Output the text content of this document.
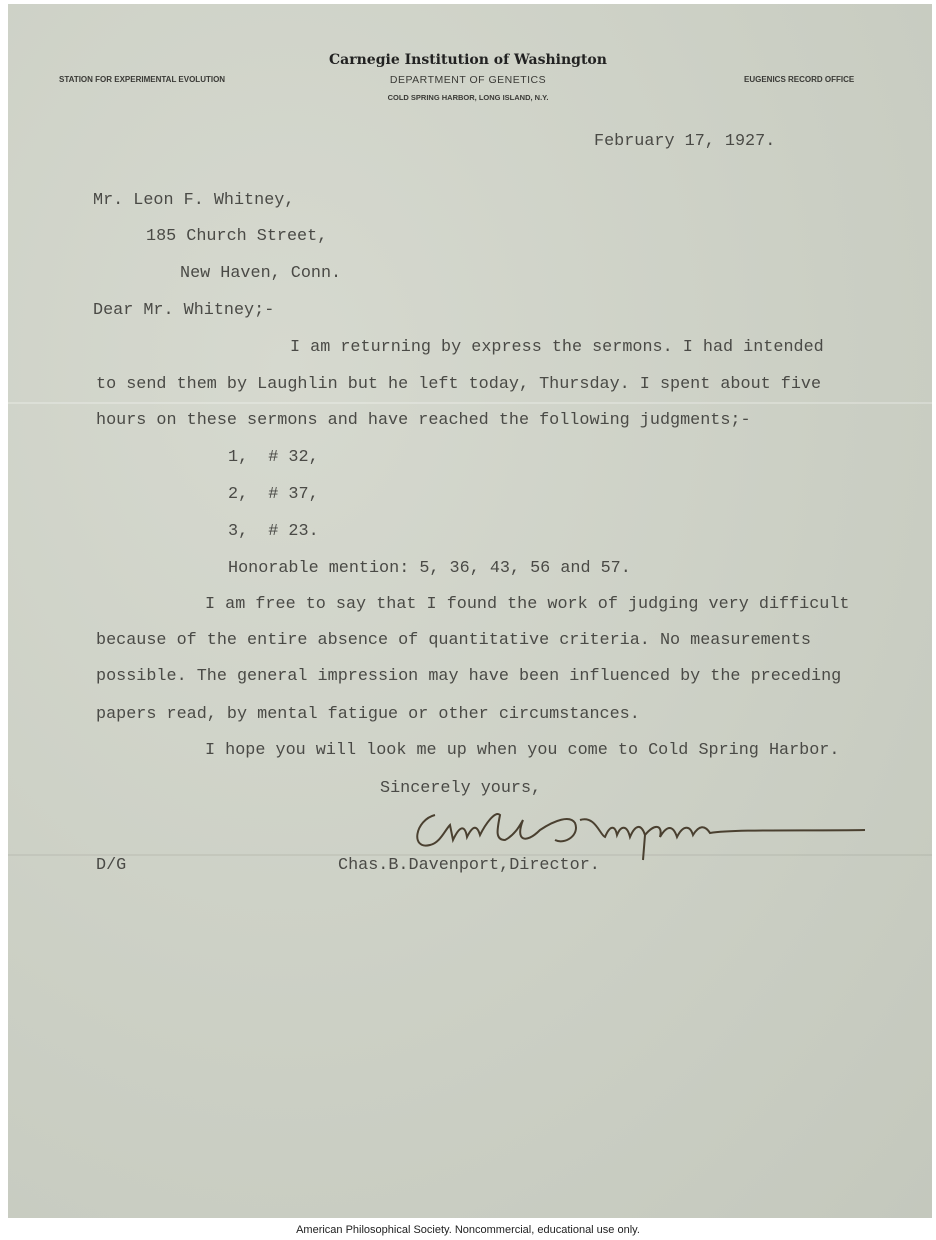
Carnegie Institution of Washington
DEPARTMENT OF GENETICS
COLD SPRING HARBOR, LONG ISLAND, N.Y.
STATION FOR EXPERIMENTAL EVOLUTION	EUGENICS RECORD OFFICE
February 17, 1927.
Mr. Leon F. Whitney,
185 Church Street,
New Haven, Conn.
Dear Mr. Whitney;-
I am returning by express the sermons. I had intended
to send them by Laughlin but he left today, Thursday. I spent about five
hours on these sermons and have reached the following judgments;-
1,  # 32,
2,  # 37,
3,  # 23.
Honorable mention: 5, 36, 43, 56 and 57.
I am free to say that I found the work of judging very difficult
because of the entire absence of quantitative criteria. No measurements
possible. The general impression may have been influenced by the preceding
papers read, by mental fatigue or other circumstances.
I hope you will look me up when you come to Cold Spring Harbor.
Sincerely yours,
D/G	Chas.B.Davenport,Director.
American Philosophical Society. Noncommercial, educational use only.
